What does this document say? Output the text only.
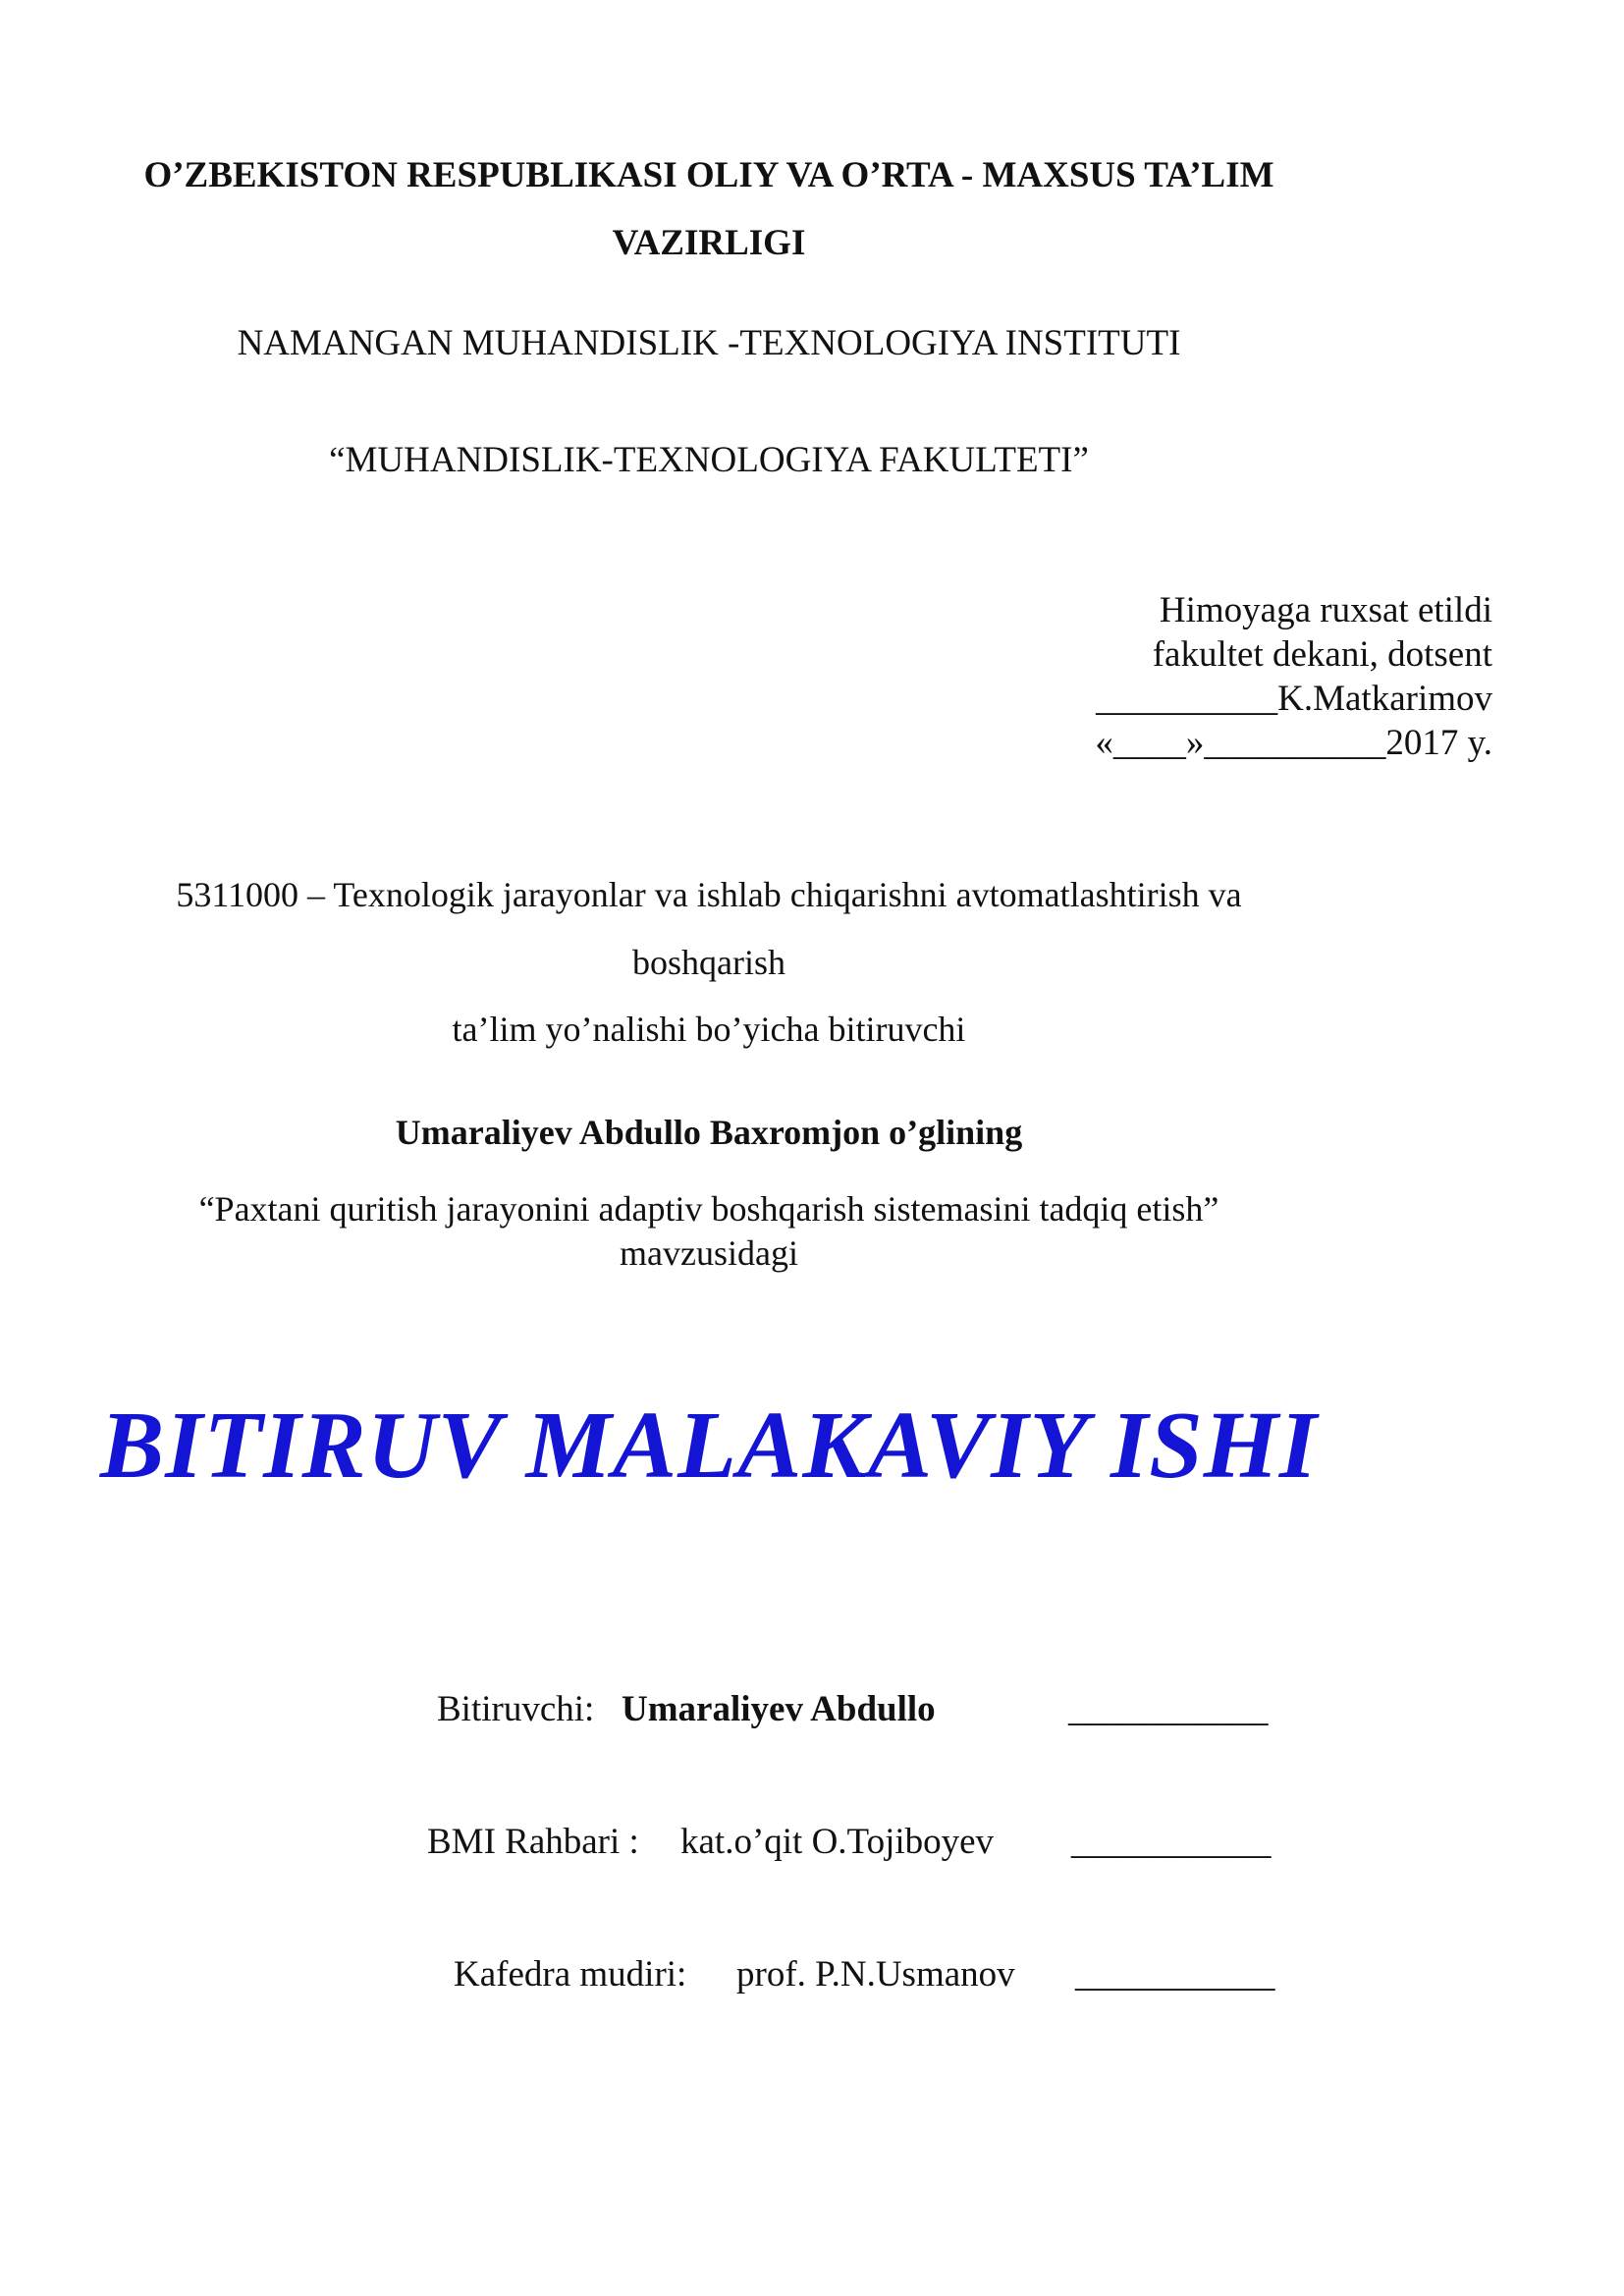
O’ZBEKISTON RESPUBLIKASI OLIY VA O’RTA - MAXSUS TA’LIM
VAZIRLIGI
NAMANGAN MUHANDISLIK -TEXNOLOGIYA INSTITUTI
“MUHANDISLIK-TEXNOLOGIYA FAKULTETI”
Himoyaga ruxsat etildi
fakultet dekani, dotsent
__________K.Matkarimov
«____»__________2017 y.
5311000 – Texnologik jarayonlar va ishlab chiqarishni avtomatlashtirish va
boshqarish
ta’lim yo’nalishi bo’yicha bitiruvchi
Umaraliyev Abdullo Baxromjon o’glining
“Paxtani quritish jarayonini adaptiv boshqarish sistemasini tadqiq etish”
mavzusidagi
BITIRUV MALAKAVIY ISHI
Bitiruvchi: Umaraliyev Abdullo	___________
BMI Rahbari : kat.o’qit O.Tojiboyev ___________
Kafedra mudiri: prof. P.N.Usmanov ___________
